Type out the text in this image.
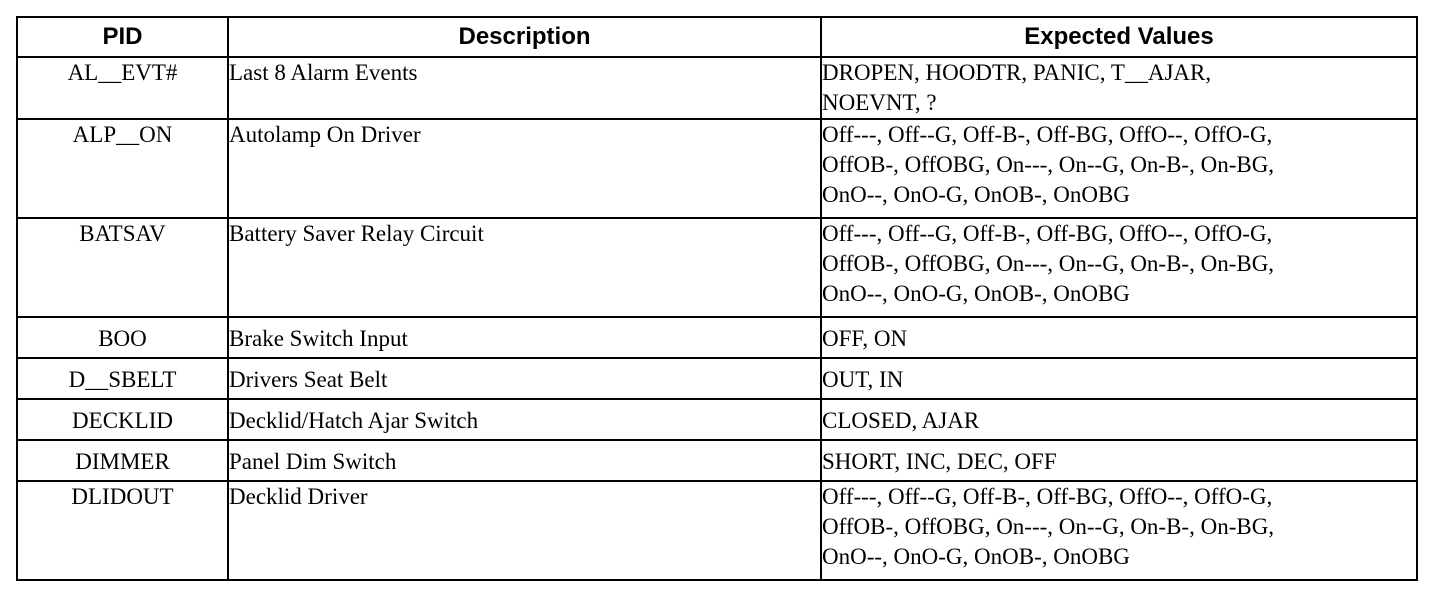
PID	Description	Expected Values
AL__EVT#	Last 8 Alarm Events	DROPEN, HOODTR, PANIC, T__AJAR,
NOEVNT, ?

ALP__ON	Autolamp On Driver	Off---, Off--G, Off-B-, Off-BG, OffO--, OffO-G,
OffOB-, OffOBG, On---, On--G, On-B-, On-BG,
OnO--, OnO-G, OnOB-, OnOBG

BATSAV	Battery Saver Relay Circuit	Off---, Off--G, Off-B-, Off-BG, OffO--, OffO-G,
OffOB-, OffOBG, On---, On--G, On-B-, On-BG,
OnO--, OnO-G, OnOB-, OnOBG

BOO	Brake Switch Input	OFF, ON

D__SBELT	Drivers Seat Belt	OUT, IN

DECKLID	Decklid/Hatch Ajar Switch	CLOSED, AJAR

DIMMER	Panel Dim Switch	SHORT, INC, DEC, OFF

DLIDOUT	Decklid Driver	Off---, Off--G, Off-B-, Off-BG, OffO--, OffO-G,
OffOB-, OffOBG, On---, On--G, On-B-, On-BG,
OnO--, OnO-G, OnOB-, OnOBG
